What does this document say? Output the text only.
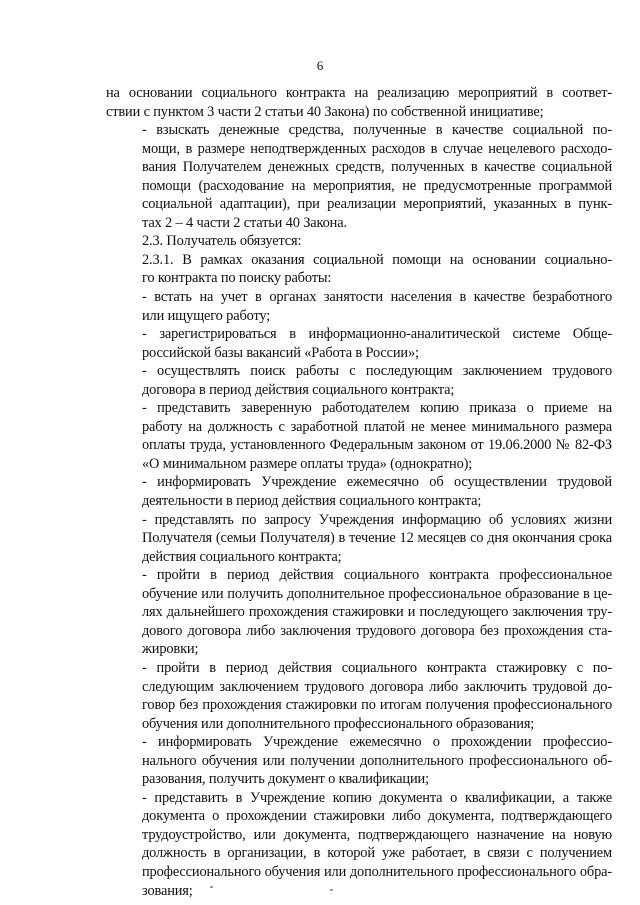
6

на основании социального контракта на реализацию мероприятий в соответ-
ствии с пунктом 3 части 2 статьи 40 Закона) по собственной инициативе;

- взыскать денежные средства, полученные в качестве социальной по-
мощи, в размере неподтвержденных расходов в случае нецелевого расходо-
вания Получателем денежных средств, полученных в качестве социальной
помощи (расходование на мероприятия, не предусмотренные программой
социальной адаптации), при реализации мероприятий, указанных в пунк-
тах 2 – 4 части 2 статьи 40 Закона.

2.3. Получатель обязуется:

2.3.1. В рамках оказания социальной помощи на основании социально-
го контракта по поиску работы:

- встать на учет в органах занятости населения в качестве безработного
или ищущего работу;

- зарегистрироваться в информационно-аналитической системе Обще-
российской базы вакансий «Работа в России»;

- осуществлять поиск работы с последующим заключением трудового
договора в период действия социального контракта;

- представить заверенную работодателем копию приказа о приеме на
работу на должность с заработной платой не менее минимального размера
оплаты труда, установленного Федеральным законом от 19.06.2000 № 82-ФЗ
«О минимальном размере оплаты труда» (однократно);

- информировать Учреждение ежемесячно об осуществлении трудовой
деятельности в период действия социального контракта;

- представлять по запросу Учреждения информацию об условиях жизни
Получателя (семьи Получателя) в течение 12 месяцев со дня окончания срока
действия социального контракта;

- пройти в период действия социального контракта профессиональное
обучение или получить дополнительное профессиональное образование в це-
лях дальнейшего прохождения стажировки и последующего заключения тру-
дового договора либо заключения трудового договора без прохождения ста-
жировки;

- пройти в период действия социального контракта стажировку с по-
следующим заключением трудового договора либо заключить трудовой до-
говор без прохождения стажировки по итогам получения профессионального
обучения или дополнительного профессионального образования;

- информировать Учреждение ежемесячно о прохождении профессио-
нального обучения или получении дополнительного профессионального об-
разования, получить документ о квалификации;

- представить в Учреждение копию документа о квалификации, а также
документа о прохождении стажировки либо документа, подтверждающего
трудоустройство, или документа, подтверждающего назначение на новую
должность в организации, в которой уже работает, в связи с получением
профессионального обучения или дополнительного профессионального обра-
зования;
